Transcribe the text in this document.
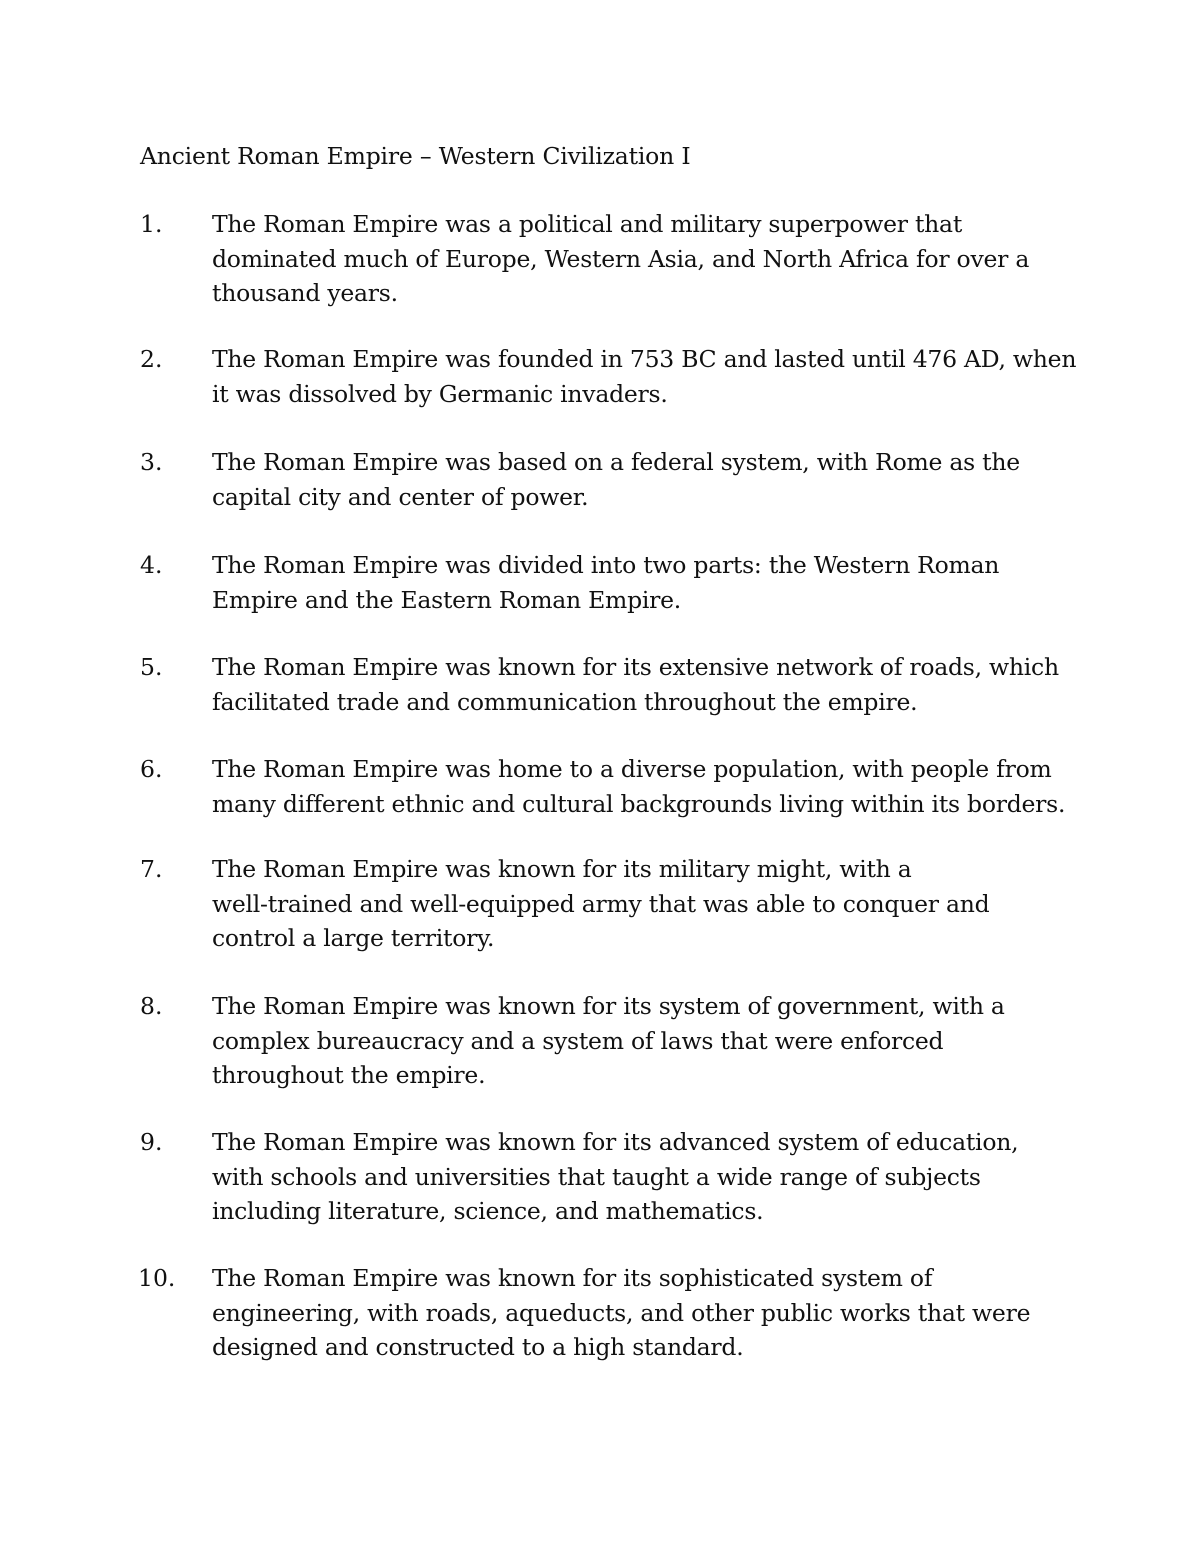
Ancient Roman Empire – Western Civilization I
1.	The Roman Empire was a political and military superpower that
dominated much of Europe, Western Asia, and North Africa for over a
thousand years.
2.	The Roman Empire was founded in 753 BC and lasted until 476 AD, when
it was dissolved by Germanic invaders.
3.	The Roman Empire was based on a federal system, with Rome as the
capital city and center of power.
4.	The Roman Empire was divided into two parts: the Western Roman
Empire and the Eastern Roman Empire.
5.	The Roman Empire was known for its extensive network of roads, which
facilitated trade and communication throughout the empire.
6.	The Roman Empire was home to a diverse population, with people from
many different ethnic and cultural backgrounds living within its borders.
7.	The Roman Empire was known for its military might, with a
well-trained and well-equipped army that was able to conquer and
control a large territory.
8.	The Roman Empire was known for its system of government, with a
complex bureaucracy and a system of laws that were enforced
throughout the empire.
9.	The Roman Empire was known for its advanced system of education,
with schools and universities that taught a wide range of subjects
including literature, science, and mathematics.
10.	The Roman Empire was known for its sophisticated system of
engineering, with roads, aqueducts, and other public works that were
designed and constructed to a high standard.
